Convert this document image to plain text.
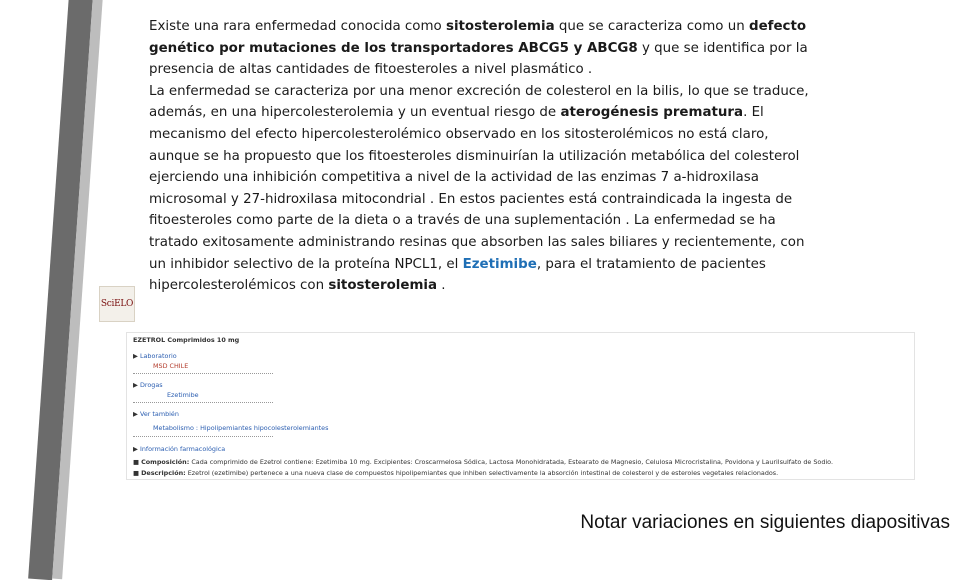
SciELO

Existe una rara enfermedad conocida como sitosterolemia que se caracteriza como un defecto genético por mutaciones de los transportadores ABCG5 y ABCG8 y que se identifica por la presencia de altas cantidades de fitoesteroles a nivel plasmático .
La enfermedad se caracteriza por una menor excreción de colesterol en la bilis, lo que se traduce, además, en una hipercolesterolemia y un eventual riesgo de aterogénesis prematura. El mecanismo del efecto hipercolesterolémico observado en los sitosterolémicos no está claro, aunque se ha propuesto que los fitoesteroles disminuirían la utilización metabólica del colesterol ejerciendo una inhibición competitiva a nivel de la actividad de las enzimas 7 a-hidroxilasa microsomal y 27-hidroxilasa mitocondrial . En estos pacientes está contraindicada la ingesta de fitoesteroles como parte de la dieta o a través de una suplementación . La enfermedad se ha tratado exitosamente administrando resinas que absorben las sales biliares y recientemente, con un inhibidor selectivo de la proteína NPCL1, el Ezetimibe, para el tratamiento de pacientes hipercolesterolémicos con sitosterolemia .

EZETROL Comprimidos 10 mg
▶ Laboratorio
MSD CHILE
▶ Drogas
Ezetimibe
▶ Ver también
Metabolismo : Hipolipemiantes hipocolesterolemiantes
▶ Información farmacológica
■ Composición: Cada comprimido de Ezetrol contiene: Ezetimiba 10 mg. Excipientes: Croscarmelosa Sódica, Lactosa Monohidratada, Estearato de Magnesio, Celulosa Microcristalina, Povidona y Laurilsulfato de Sodio.
■ Descripción: Ezetrol (ezetimibe) pertenece a una nueva clase de compuestos hipolipemiantes que inhiben selectivamente la absorción intestinal de colesterol y de esteroles vegetales relacionados.
Notar variaciones en siguientes diapositivas
